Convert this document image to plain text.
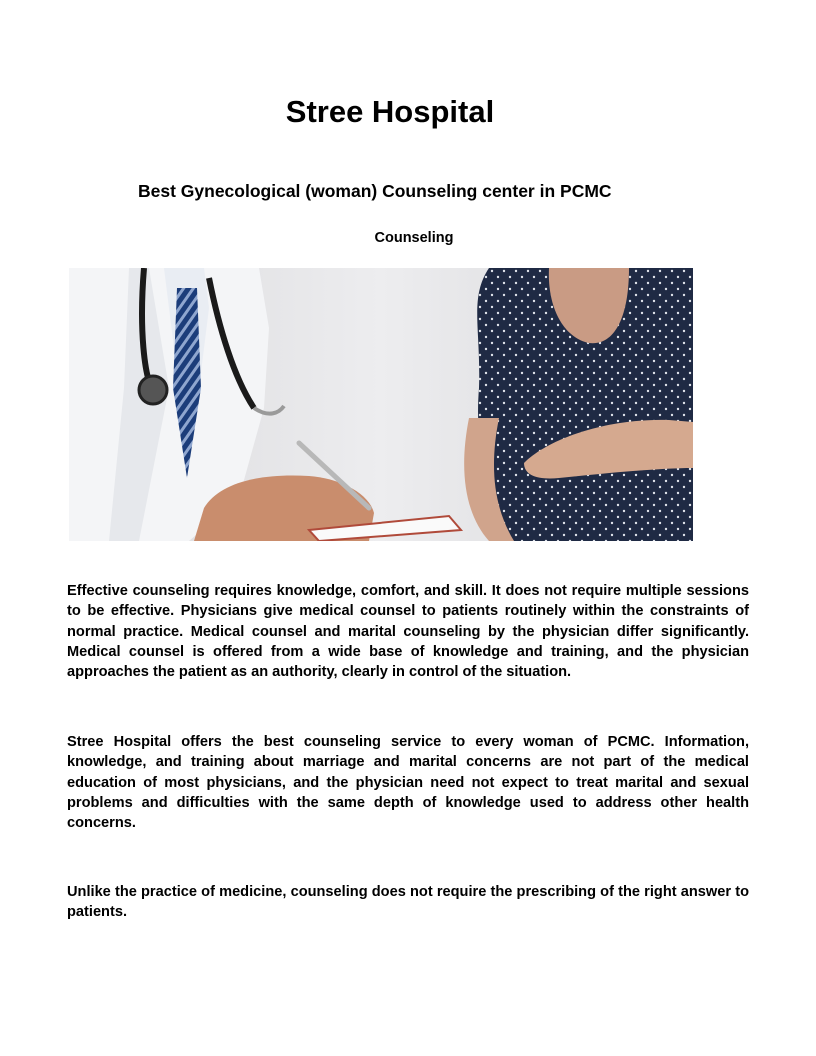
Stree Hospital
Best Gynecological (woman) Counseling center in PCMC
Counseling

Effective counseling requires knowledge, comfort, and skill. It does not require multiple sessions to be effective. Physicians give medical counsel to patients routinely within the constraints of normal practice. Medical counsel and marital counseling by the physician differ significantly. Medical counsel is offered from a wide base of knowledge and training, and the physician approaches the patient as an authority, clearly in control of the situation.

Stree Hospital offers the best counseling service to every woman of PCMC. Information, knowledge, and training about marriage and marital concerns are not part of the medical education of most physicians, and the physician need not expect to treat marital and sexual problems and difficulties with the same depth of knowledge used to address other health concerns.

Unlike the practice of medicine, counseling does not require the prescribing of the right answer to patients.
